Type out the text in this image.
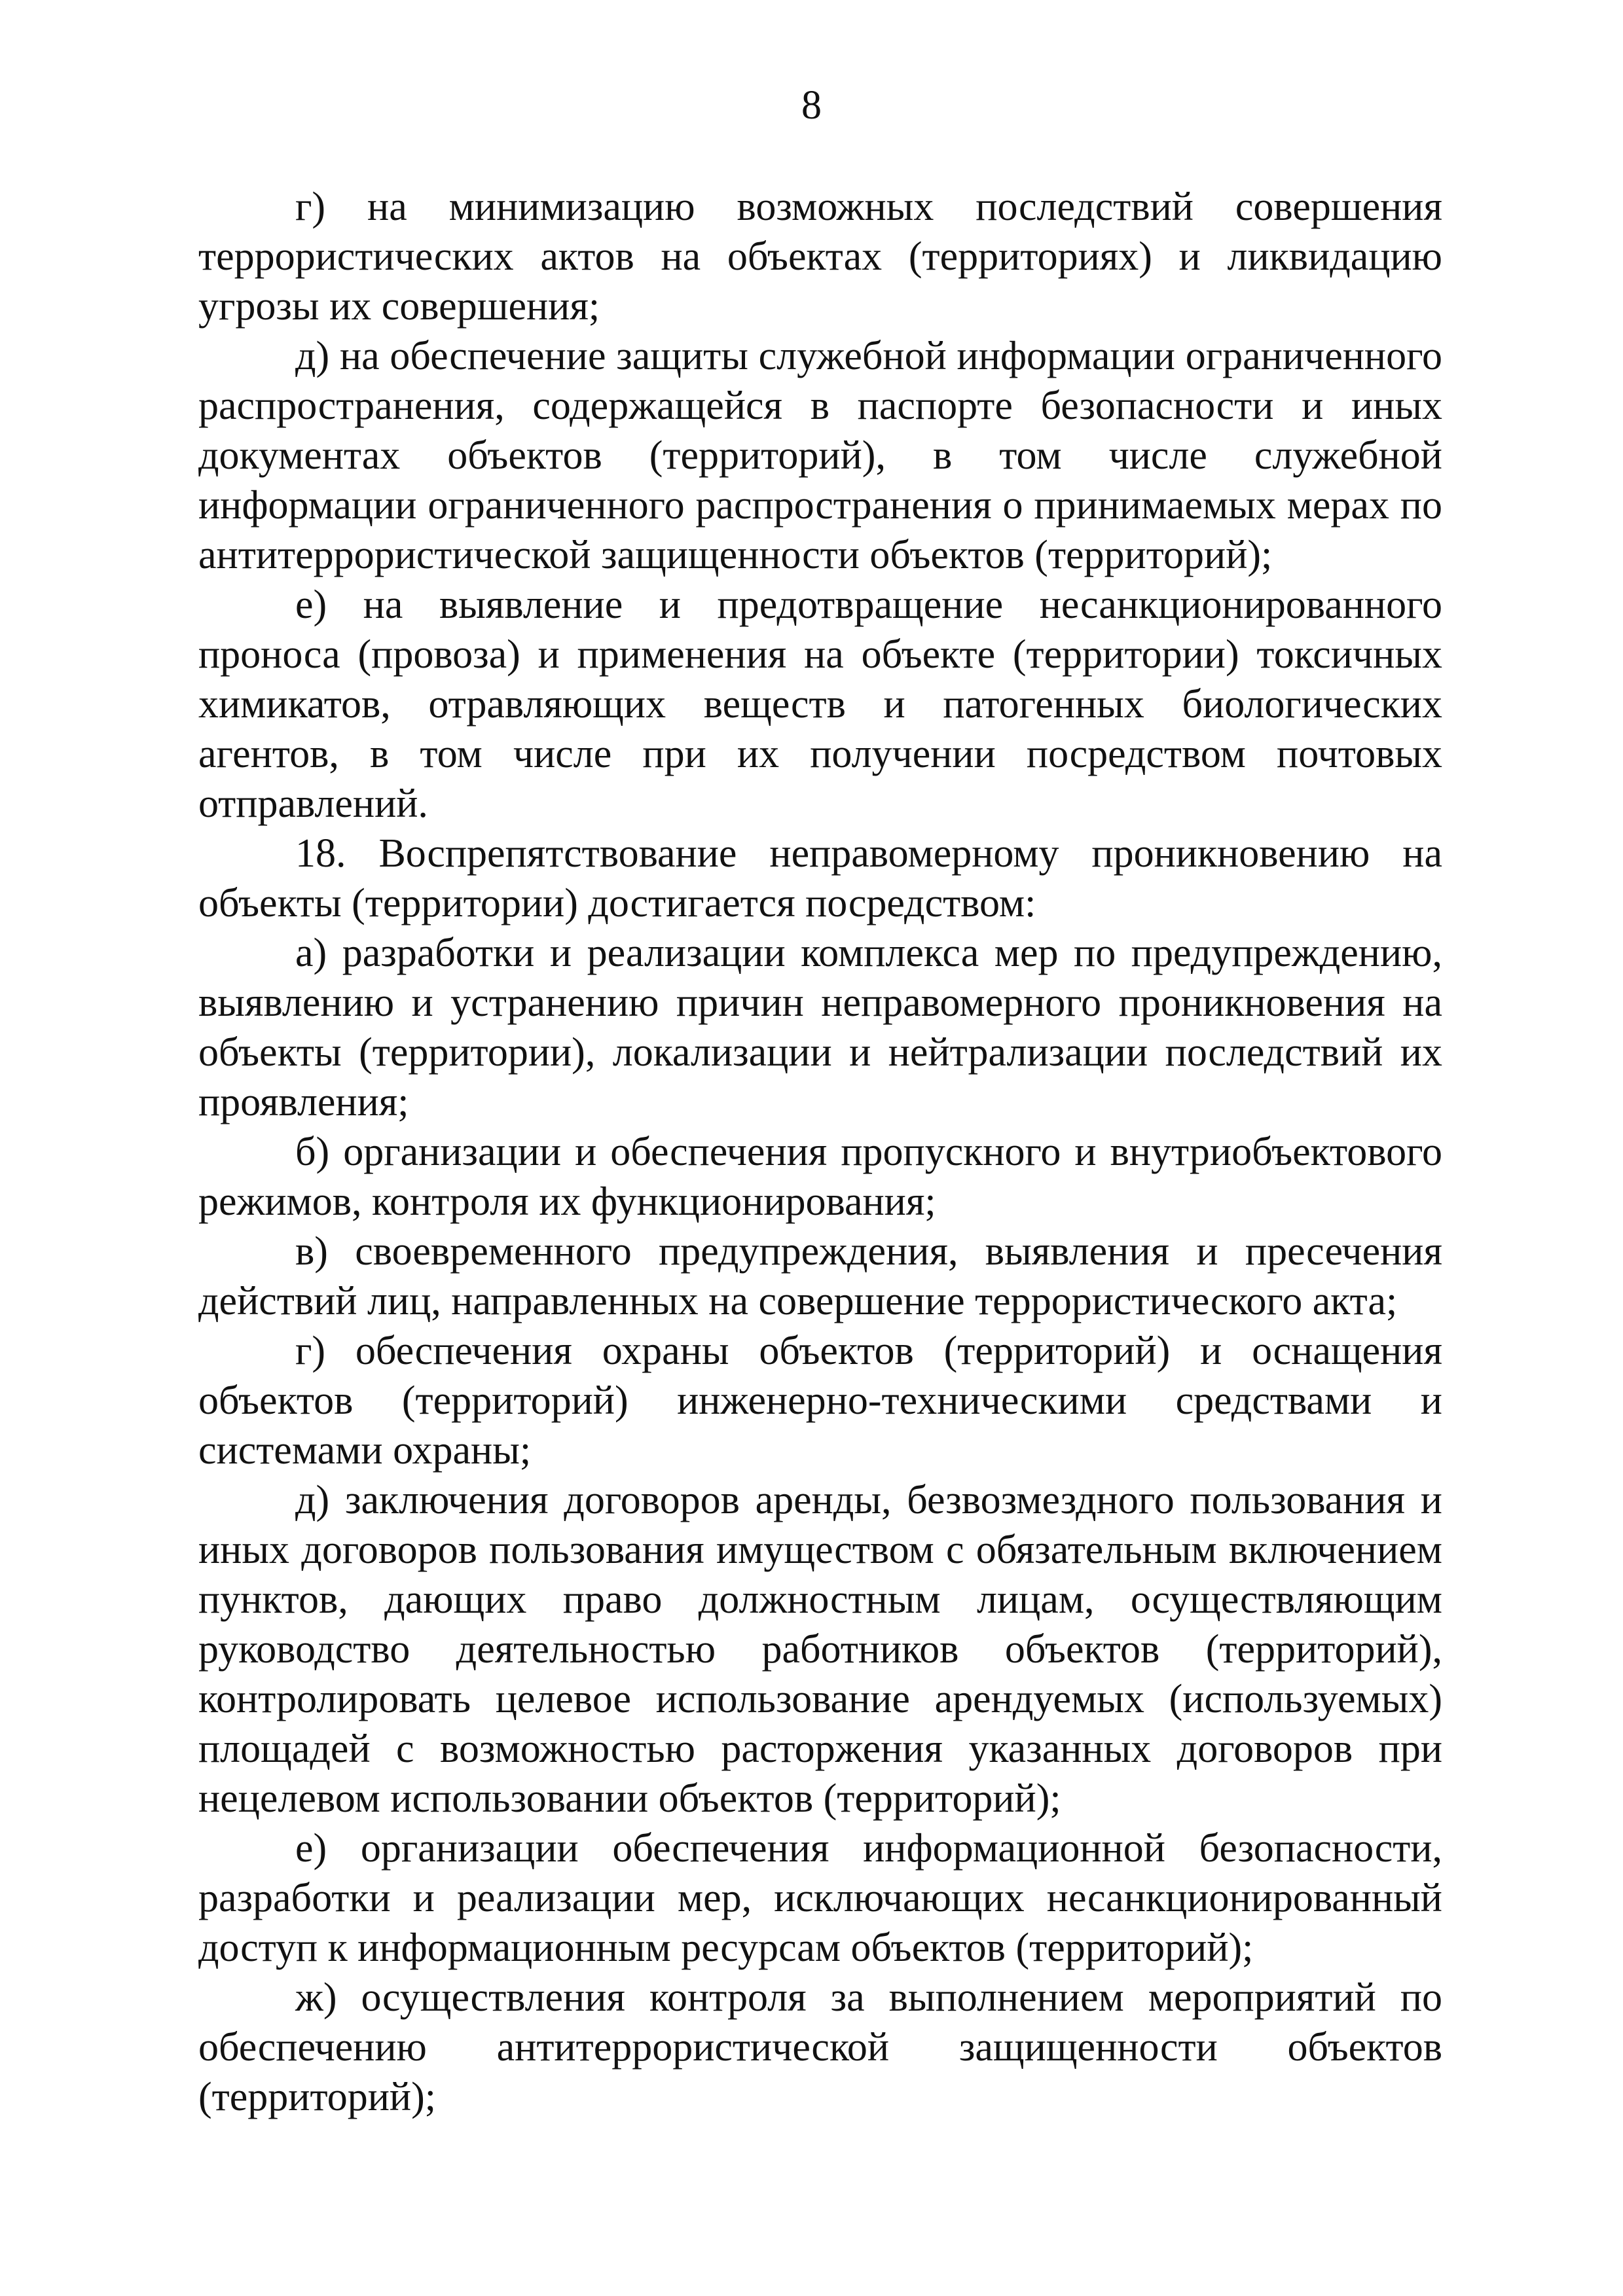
8

г) на минимизацию возможных последствий совершения террористических актов на объектах (территориях) и ликвидацию угрозы их совершения;

д) на обеспечение защиты служебной информации ограниченного распространения, содержащейся в паспорте безопасности и иных документах объектов (территорий), в том числе служебной информации ограниченного распространения о принимаемых мерах по антитеррористической защищенности объектов (территорий);

е) на выявление и предотвращение несанкционированного проноса (провоза) и применения на объекте (территории) токсичных химикатов, отравляющих веществ и патогенных биологических агентов, в том числе при их получении посредством почтовых отправлений.

18. Воспрепятствование неправомерному проникновению на объекты (территории) достигается посредством:

а) разработки и реализации комплекса мер по предупреждению, выявлению и устранению причин неправомерного проникновения на объекты (территории), локализации и нейтрализации последствий их проявления;

б) организации и обеспечения пропускного и внутриобъектового режимов, контроля их функционирования;

в) своевременного предупреждения, выявления и пресечения действий лиц, направленных на совершение террористического акта;

г) обеспечения охраны объектов (территорий) и оснащения объектов (территорий) инженерно-техническими средствами и системами охраны;

д) заключения договоров аренды, безвозмездного пользования и иных договоров пользования имуществом с обязательным включением пунктов, дающих право должностным лицам, осуществляющим руководство деятельностью работников объектов (территорий), контролировать целевое использование арендуемых (используемых) площадей с возможностью расторжения указанных договоров при нецелевом использовании объектов (территорий);

е) организации обеспечения информационной безопасности, разработки и реализации мер, исключающих несанкционированный доступ к информационным ресурсам объектов (территорий);

ж) осуществления контроля за выполнением мероприятий по обеспечению антитеррористической защищенности объектов (территорий);
